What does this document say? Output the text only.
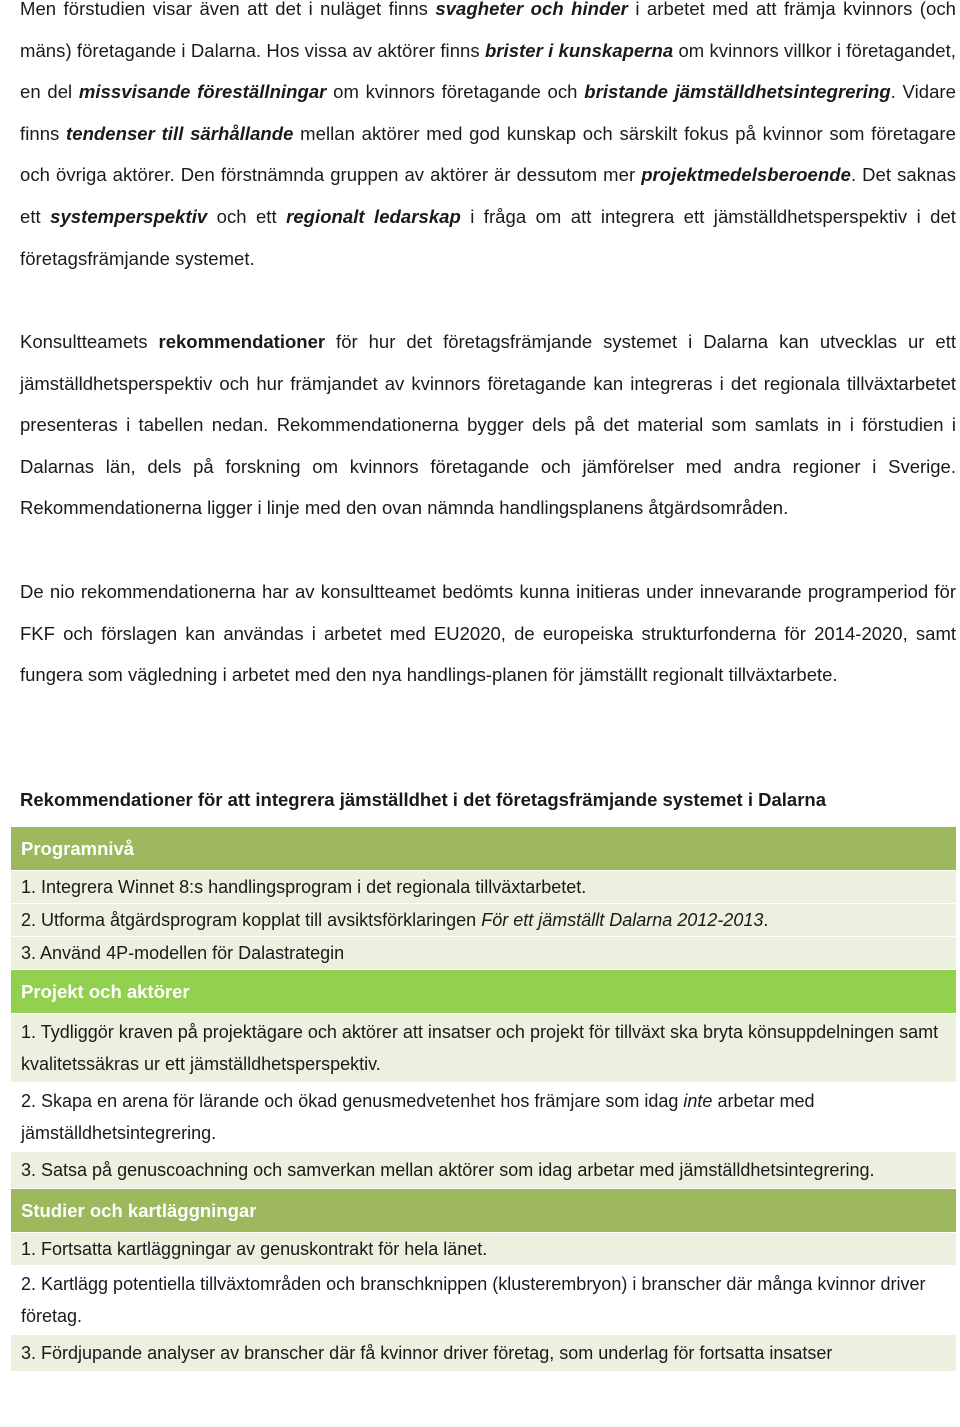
Men förstudien visar även att det i nuläget finns svagheter och hinder i arbetet med att främja kvinnors (och mäns) företagande i Dalarna. Hos vissa av aktörer finns brister i kunskaperna om kvinnors villkor i företagandet, en del missvisande föreställningar om kvinnors företagande och bristande jämställdhetsintegrering. Vidare finns tendenser till särhållande mellan aktörer med god kunskap och särskilt fokus på kvinnor som företagare och övriga aktörer. Den förstnämnda gruppen av aktörer är dessutom mer projektmedelsberoende. Det saknas ett systemperspektiv och ett regionalt ledarskap i fråga om att integrera ett jämställdhetsperspektiv i det företagsfrämjande systemet.

Konsultteamets rekommendationer för hur det företagsfrämjande systemet i Dalarna kan utvecklas ur ett jämställdhetsperspektiv och hur främjandet av kvinnors företagande kan integreras i det regionala tillväxtarbetet presenteras i tabellen nedan. Rekommendationerna bygger dels på det material som samlats in i förstudien i Dalarnas län, dels på forskning om kvinnors företagande och jämförelser med andra regioner i Sverige. Rekommendationerna ligger i linje med den ovan nämnda handlingsplanens åtgärdsområden.

De nio rekommendationerna har av konsultteamet bedömts kunna initieras under innevarande programperiod för FKF och förslagen kan användas i arbetet med EU2020, de europeiska strukturfonderna för 2014-2020, samt fungera som vägledning i arbetet med den nya handlings-planen för jämställt regionalt tillväxtarbete.

Rekommendationer för att integrera jämställdhet i det företagsfrämjande systemet i Dalarna

Programnivå
1. Integrera Winnet 8:s handlingsprogram i det regionala tillväxtarbetet.
2. Utforma åtgärdsprogram kopplat till avsiktsförklaringen För ett jämställt Dalarna 2012-2013.
3. Använd 4P-modellen för Dalastrategin
Projekt och aktörer
1. Tydliggör kraven på projektägare och aktörer att insatser och projekt för tillväxt ska bryta könsuppdelningen samt kvalitetssäkras ur ett jämställdhetsperspektiv.
2. Skapa en arena för lärande och ökad genusmedvetenhet hos främjare som idag inte arbetar med jämställdhetsintegrering.
3. Satsa på genuscoachning och samverkan mellan aktörer som idag arbetar med jämställdhetsintegrering.
Studier och kartläggningar
1. Fortsatta kartläggningar av genuskontrakt för hela länet.
2. Kartlägg potentiella tillväxtområden och branschknippen (klusterembryon) i branscher där många kvinnor driver företag.
3. Fördjupande analyser av branscher där få kvinnor driver företag, som underlag för fortsatta insatser
